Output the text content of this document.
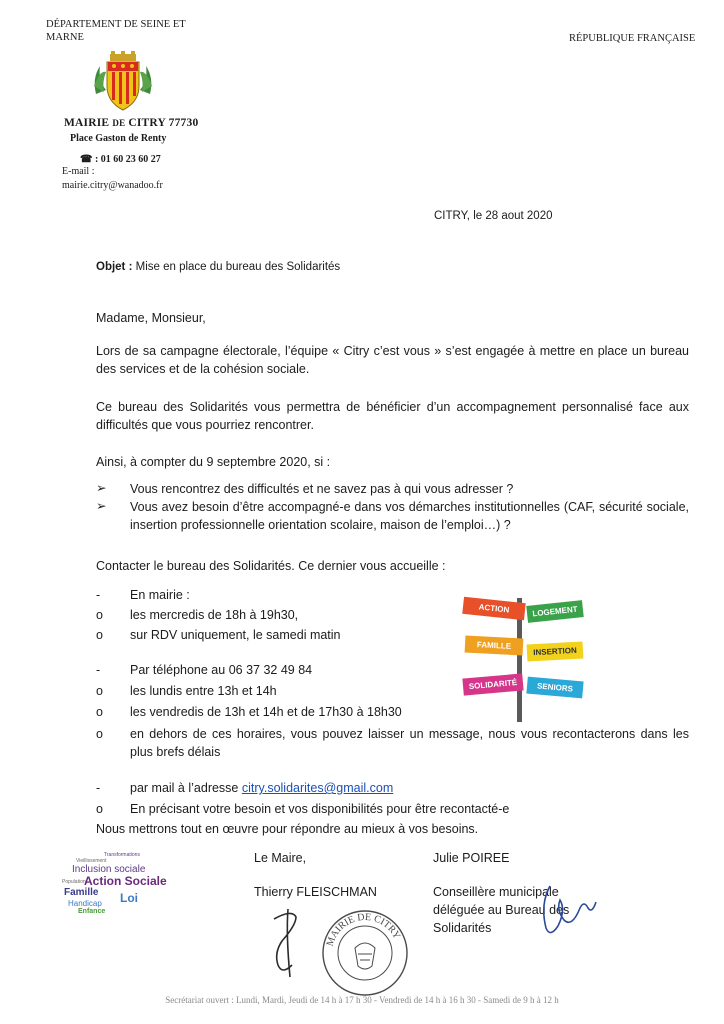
DÉPARTEMENT DE SEINE ET MARNE	RÉPUBLIQUE FRANÇAISE
MAIRIE DE CITRY 77730
Place Gaston de Renty
☎ : 01 60 23 60 27
E-mail :
mairie.citry@wanadoo.fr
CITRY, le 28 aout 2020
Objet : Mise en place du bureau des Solidarités
Madame, Monsieur,
Lors de sa campagne électorale, l’équipe « Citry c’est vous » s’est engagée à mettre en place un bureau des services et de la cohésion sociale.
Ce bureau des Solidarités vous permettra de bénéficier d’un accompagnement personnalisé face aux difficultés que vous pourriez rencontrer.
Ainsi, à compter du 9 septembre 2020, si :
➢ Vous rencontrez des difficultés et ne savez pas à qui vous adresser ?
➢ Vous avez besoin d’être accompagné-e dans vos démarches institutionnelles (CAF, sécurité sociale, insertion professionnelle orientation scolaire, maison de l’emploi…) ?
Contacter le bureau des Solidarités. Ce dernier vous accueille :
- En mairie :
o les mercredis de 18h à 19h30,
o sur RDV uniquement, le samedi matin
- Par téléphone au 06 37 32 49 84
o les lundis entre 13h et 14h
o les vendredis de 13h et 14h et de 17h30 à 18h30
o en dehors de ces horaires, vous pouvez laisser un message, nous vous recontacterons dans les plus brefs délais
- par mail à l’adresse citry.solidarites@gmail.com
o En précisant votre besoin et vos disponibilités pour être recontacté-e
Nous mettrons tout en œuvre pour répondre au mieux à vos besoins.
ACTION SOCIALE
LOGEMENT
FAMILLE
INSERTION
SOLIDARITÉ	SENIORS
Transformations
Vieillissement
Inclusion sociale
Population
Action Sociale
Famille Loi
Handicap
Enfance
Le Maire,
Thierry FLEISCHMAN
Julie POIREE
Conseillère municipale
déléguée au Bureau des
Solidarités
MAIRIE DE CITRY
Secrétariat ouvert : Lundi, Mardi, Jeudi de 14 h à 17 h 30 - Vendredi de 14 h à 16 h 30 - Samedi de 9 h à 12 h
